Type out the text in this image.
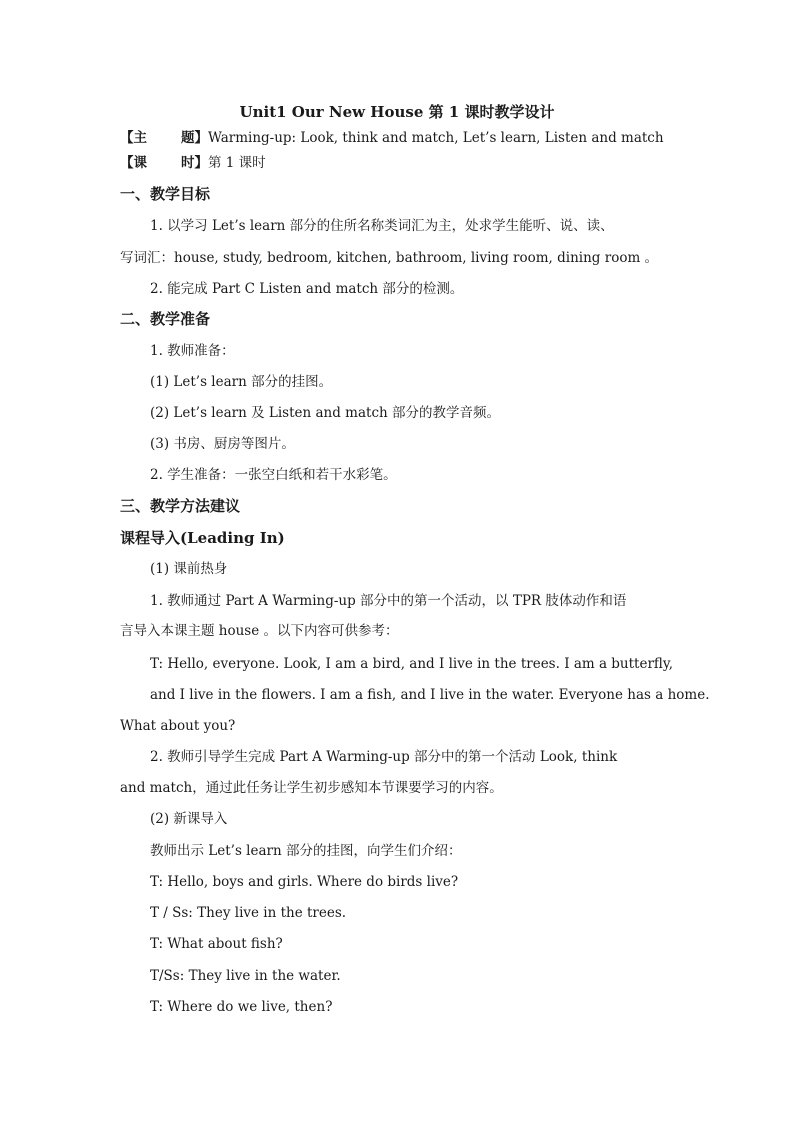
Unit1 Our New House 第 1 课时教学设计
【主	题】Warming-up: Look, think and match, Let’s learn, Listen and match
【课	时】第 1 课时
一、教学目标
1. 以学习 Let’s learn 部分的住所名称类词汇为主，处求学生能听、说、读、
写词汇：house, study, bedroom, kitchen, bathroom, living room, dining room 。
2. 能完成 Part C Listen and match 部分的检测。
二、教学准备
1. 教师准备：
(1) Let’s learn 部分的挂图。
(2) Let’s learn 及 Listen and match 部分的教学音频。
(3) 书房、厨房等图片。
2. 学生准备：一张空白纸和若干水彩笔。
三、教学方法建议
课程导入(Leading In)
(1) 课前热身
1. 教师通过 Part A Warming-up 部分中的第一个活动，以 TPR 肢体动作和语
言导入本课主题 house 。以下内容可供参考：
T: Hello, everyone. Look, I am a bird, and I live in the trees. I am a butterfly,
and I live in the flowers. I am a fish, and I live in the water. Everyone has a home.
What about you?
2. 教师引导学生完成 Part A Warming-up 部分中的第一个活动 Look, think
and match，通过此任务让学生初步感知本节课要学习的内容。
(2) 新课导入
教师出示 Let’s learn 部分的挂图，向学生们介绍：
T: Hello, boys and girls. Where do birds live?
T / Ss: They live in the trees.
T: What about fish?
T/Ss: They live in the water.
T: Where do we live, then?
